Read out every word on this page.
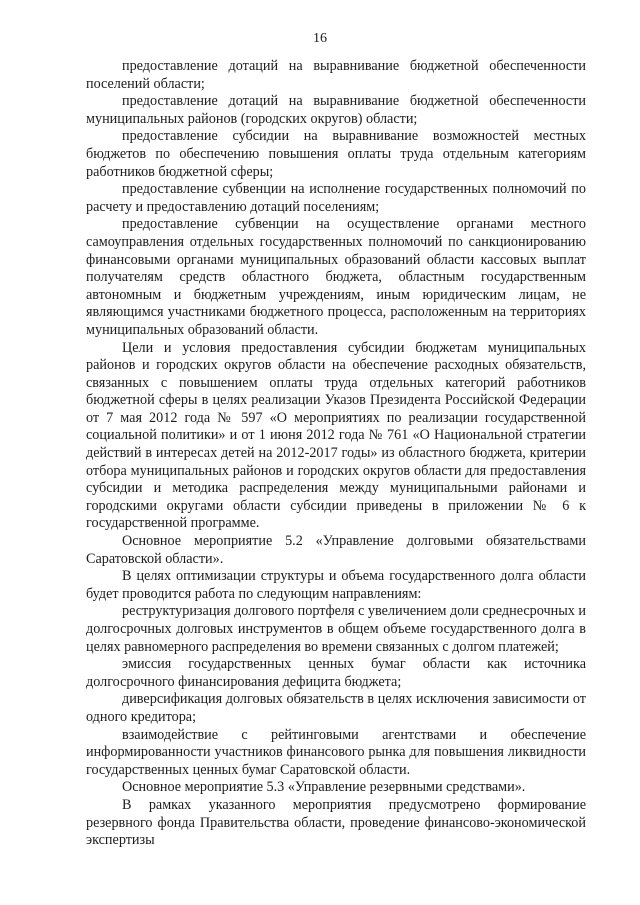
16

предоставление дотаций на выравнивание бюджетной обеспеченности поселений области;

предоставление дотаций на выравнивание бюджетной обеспеченности муниципальных районов (городских округов) области;

предоставление субсидии на выравнивание возможностей местных бюджетов по обеспечению повышения оплаты труда отдельным категориям работников бюджетной сферы;

предоставление субвенции на исполнение государственных полномочий по расчету и предоставлению дотаций поселениям;

предоставление субвенции на осуществление органами местного самоуправления отдельных государственных полномочий по санкционированию финансовыми органами муниципальных образований области кассовых выплат получателям средств областного бюджета, областным государственным автономным и бюджетным учреждениям, иным юридическим лицам, не являющимся участниками бюджетного процесса, расположенным на территориях муниципальных образований области.

Цели и условия предоставления субсидии бюджетам муниципальных районов и городских округов области на обеспечение расходных обязательств, связанных с повышением оплаты труда отдельных категорий работников бюджетной сферы в целях реализации Указов Президента Российской Федерации от 7 мая 2012 года № 597 «О мероприятиях по реализации государственной социальной политики» и от 1 июня 2012 года № 761 «О Национальной стратегии действий в интересах детей на 2012-2017 годы» из областного бюджета, критерии отбора муниципальных районов и городских округов области для предоставления субсидии и методика распределения между муниципальными районами и городскими округами области субсидии приведены в приложении № 6 к государственной программе.

Основное мероприятие 5.2 «Управление долговыми обязательствами Саратовской области».

В целях оптимизации структуры и объема государственного долга области будет проводится работа по следующим направлениям:

реструктуризация долгового портфеля с увеличением доли среднесрочных и долгосрочных долговых инструментов в общем объеме государственного долга в целях равномерного распределения во времени связанных с долгом платежей;

эмиссия государственных ценных бумаг области как источника долгосрочного финансирования дефицита бюджета;

диверсификация долговых обязательств в целях исключения зависимости от одного кредитора;

взаимодействие с рейтинговыми агентствами и обеспечение информированности участников финансового рынка для повышения ликвидности государственных ценных бумаг Саратовской области.

Основное мероприятие 5.3 «Управление резервными средствами».

В рамках указанного мероприятия предусмотрено формирование резервного фонда Правительства области, проведение финансово-экономической экспертизы
